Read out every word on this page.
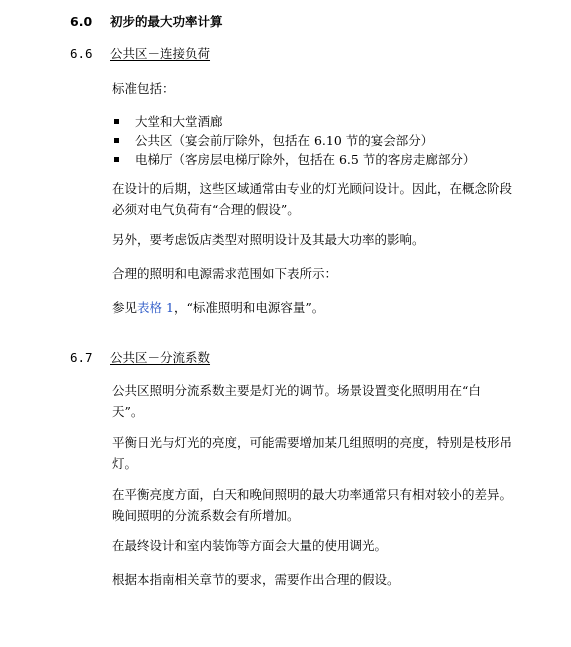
6.0	初步的最大功率计算
6.6	公共区－连接负荷

标准包括：

大堂和大堂酒廊
公共区（宴会前厅除外，包括在 6.10 节的宴会部分）
电梯厅（客房层电梯厅除外，包括在 6.5 节的客房走廊部分）

在设计的后期，这些区域通常由专业的灯光顾问设计。因此，在概念阶段必须对电气负荷有“合理的假设”。

另外，要考虑饭店类型对照明设计及其最大功率的影响。

合理的照明和电源需求范围如下表所示：

参见表格 1，“标准照明和电源容量”。

6.7	公共区－分流系数

公共区照明分流系数主要是灯光的调节。场景设置变化照明用在“白天”。

平衡日光与灯光的亮度，可能需要增加某几组照明的亮度，特别是枝形吊灯。

在平衡亮度方面，白天和晚间照明的最大功率通常只有相对较小的差异。晚间照明的分流系数会有所增加。

在最终设计和室内装饰等方面会大量的使用调光。

根据本指南相关章节的要求，需要作出合理的假设。
